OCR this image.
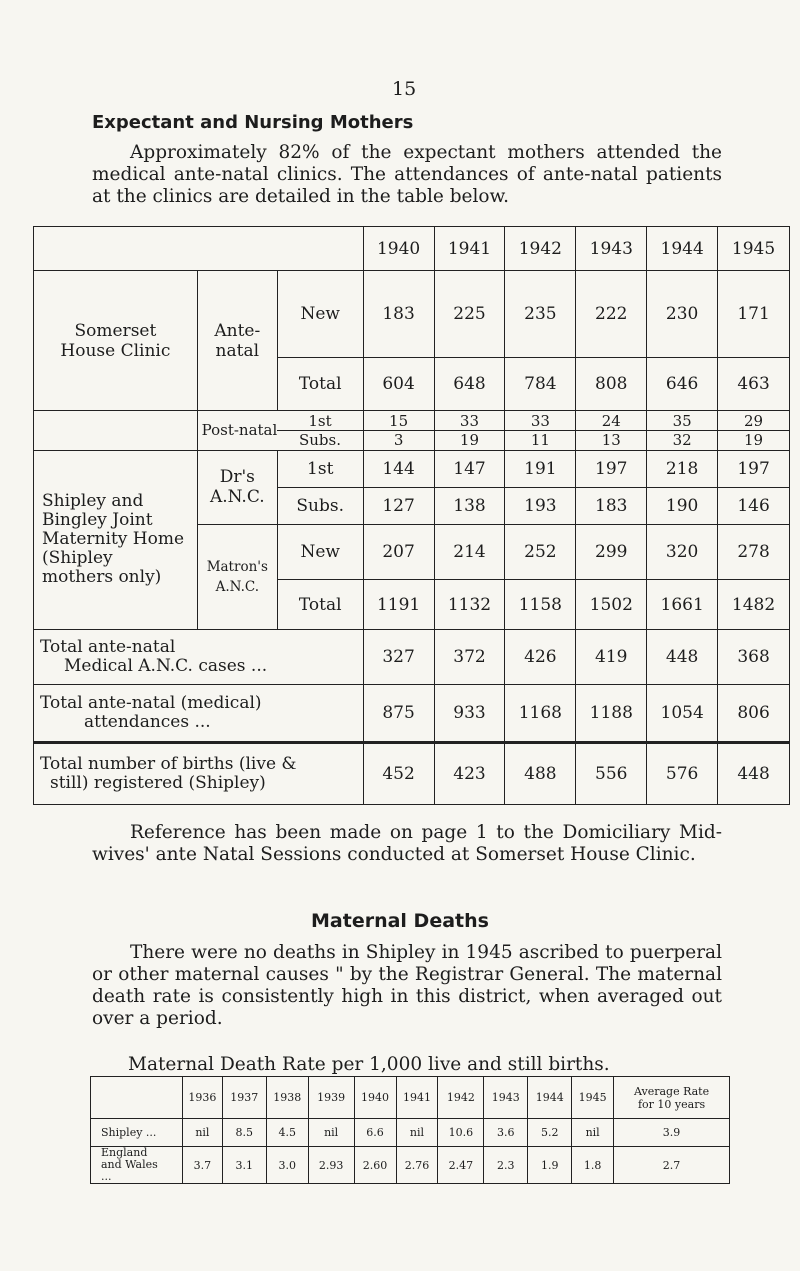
15
Expectant and Nursing Mothers
Approximately 82% of the expectant mothers attended the medical ante-natal clinics. The attendances of ante-natal patients at the clinics are detailed in the table below.
			1940	1941	1942	1943	1944	1945
Somerset House Clinic	Ante- natal	New	183	225	235	222	230	171
		Total	604	648	784	808	646	463
	Post-natal	1st	15	33	33	24	35	29
		Subs.	3	19	11	13	32	19
Shipley and Bingley Joint Maternity Home (Shipley mothers only)	Dr's A.N.C.	1st	144	147	191	197	218	197
		Subs.	127	138	193	183	190	146
	Matron's A.N.C.	New	207	214	252	299	320	278
		Total	1191	1132	1158	1502	1661	1482

Total ante-natal
Medical A.N.C. cases ...			327	372	426	419	448	368

Total ante-natal (medical)
attendances ...			875	933	1168	1188	1054	806

Total number of births (live &
still) registered (Shipley)			452	423	488	556	576	448
Reference has been made on page 1 to the Domiciliary Mid-wives' ante Natal Sessions conducted at Somerset House Clinic.
Maternal Deaths
There were no deaths in Shipley in 1945 ascribed to puerperal or other maternal causes " by the Registrar General. The maternal death rate is consistently high in this district, when averaged out over a period.
Maternal Death Rate per 1,000 live and still births.
	1936	1937	1938	1939	1940	1941	1942	1943	1944	1945	Average Rate for 10 years
Shipley ...	nil	8.5	4.5	nil	6.6	nil	10.6	3.6	5.2	nil	3.9
England and Wales ...	3.7	3.1	3.0	2.93	2.60	2.76	2.47	2.3	1.9	1.8	2.7
